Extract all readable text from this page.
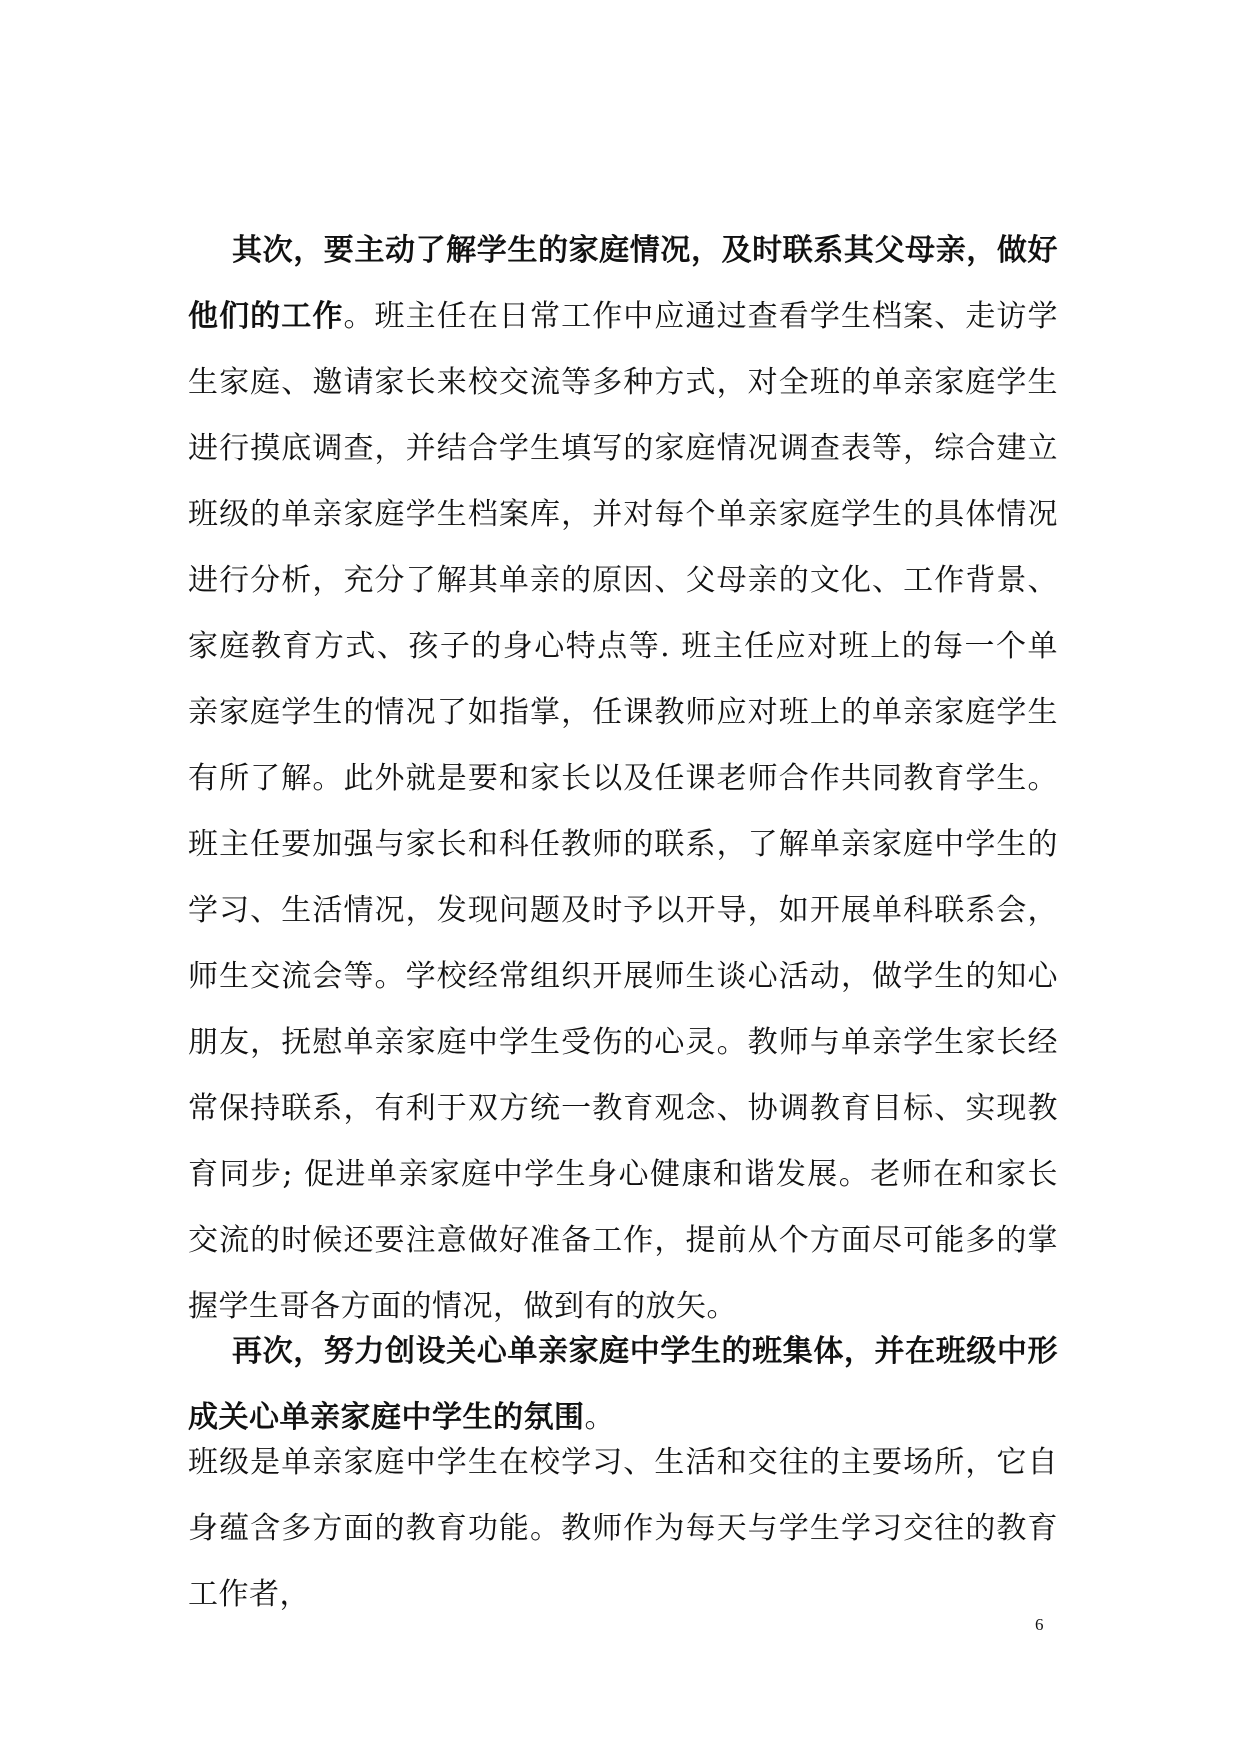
其次，要主动了解学生的家庭情况，及时联系其父母亲，做好他们的工作。班主任在日常工作中应通过查看学生档案、走访学生家庭、邀请家长来校交流等多种方式，对全班的单亲家庭学生进行摸底调查，并结合学生填写的家庭情况调查表等，综合建立班级的单亲家庭学生档案库，并对每个单亲家庭学生的具体情况进行分析，充分了解其单亲的原因、父母亲的文化、工作背景、家庭教育方式、孩子的身心特点等. 班主任应对班上的每一个单亲家庭学生的情况了如指掌，任课教师应对班上的单亲家庭学生有所了解。此外就是要和家长以及任课老师合作共同教育学生。班主任要加强与家长和科任教师的联系，了解单亲家庭中学生的学习、生活情况，发现问题及时予以开导，如开展单科联系会，师生交流会等。学校经常组织开展师生谈心活动，做学生的知心朋友，抚慰单亲家庭中学生受伤的心灵。教师与单亲学生家长经常保持联系，有利于双方统一教育观念、协调教育目标、实现教育同步; 促进单亲家庭中学生身心健康和谐发展。老师在和家长交流的时候还要注意做好准备工作，提前从个方面尽可能多的掌握学生哥各方面的情况，做到有的放矢。

再次，努力创设关心单亲家庭中学生的班集体，并在班级中形成关心单亲家庭中学生的氛围。

班级是单亲家庭中学生在校学习、生活和交往的主要场所，它自身蕴含多方面的教育功能。教师作为每天与学生学习交往的教育工作者，

6
